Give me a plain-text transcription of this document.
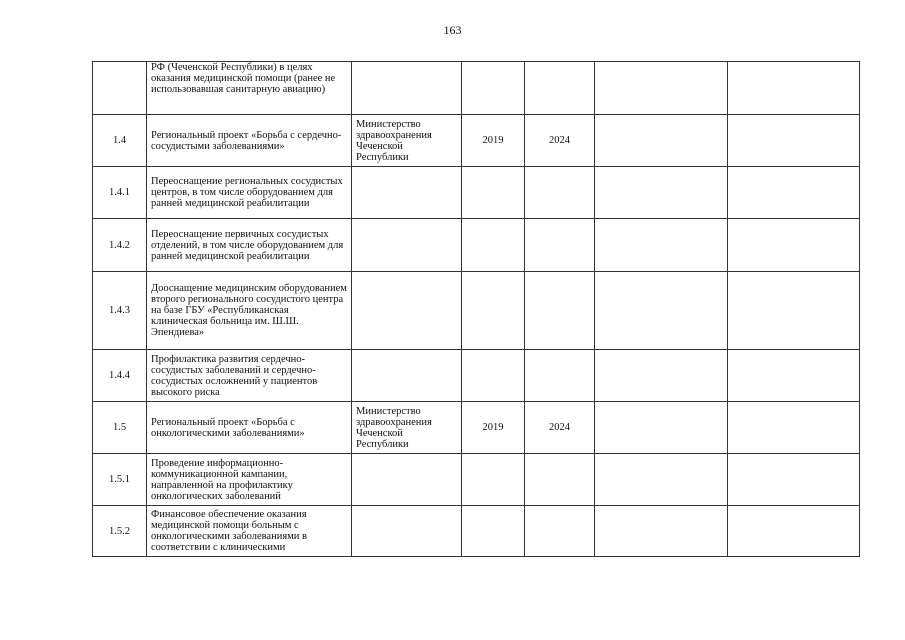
163
	РФ (Чеченской Республики) в целях оказания медицинской помощи (ранее не использовавшая санитарную авиацию)					
1.4	Региональный проект «Борьба с сердечно-сосудистыми заболеваниями»	Министерство здравоохранения Чеченской Республики	2019	2024		
1.4.1	Переоснащение региональных сосудистых центров, в том числе оборудованием для ранней медицинской реабилитации					
1.4.2	Переоснащение первичных сосудистых отделений, в том числе оборудованием для ранней медицинской реабилитации					
1.4.3	Дооснащение медицинским оборудованием второго регионального сосудистого центра на базе ГБУ «Республиканская клиническая больница им. Ш.Ш. Эпендиева»					
1.4.4	Профилактика развития сердечно-сосудистых заболеваний и сердечно-сосудистых осложнений у пациентов высокого риска					
1.5	Региональный проект «Борьба с онкологическими заболеваниями»	Министерство здравоохранения Чеченской Республики	2019	2024		
1.5.1	Проведение информационно-коммуникационной кампании, направленной на профилактику онкологических заболеваний					
1.5.2	Финансовое обеспечение оказания медицинской помощи больным с онкологическими заболеваниями в соответствии с клиническими					
